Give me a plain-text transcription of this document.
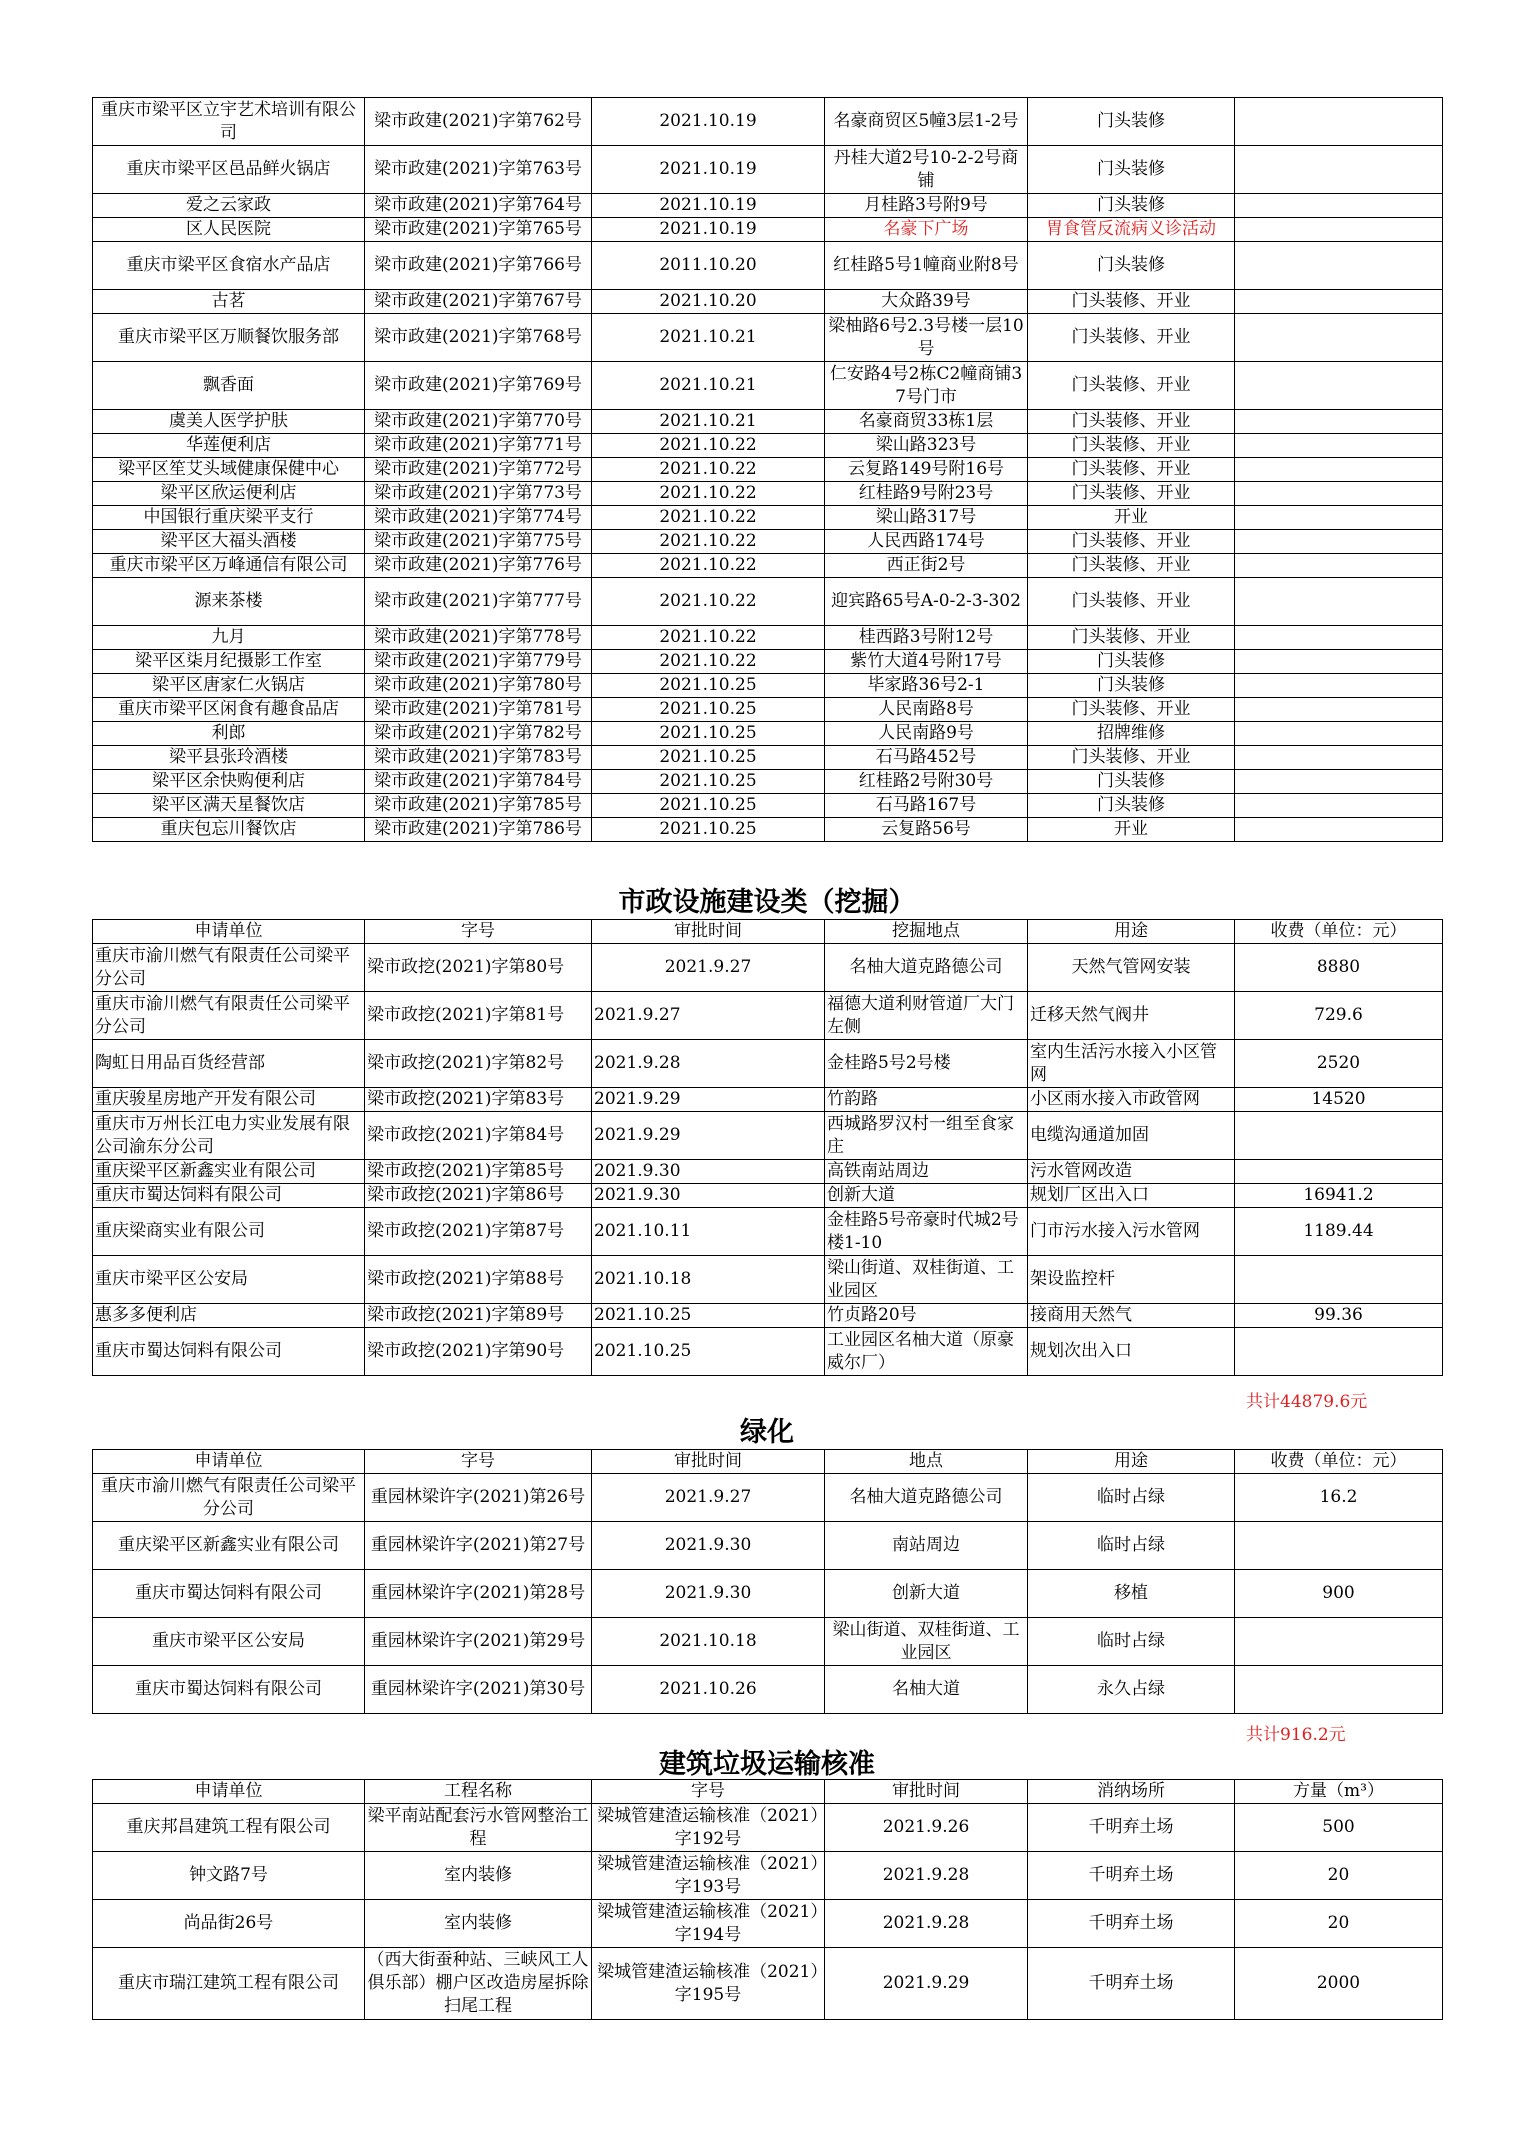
重庆市梁平区立宇艺术培训有限公司	梁市政建(2021)字第762号	2021.10.19	名豪商贸区5幢3层1-2号	门头装修	
重庆市梁平区邑品鲜火锅店	梁市政建(2021)字第763号	2021.10.19	丹桂大道2号10-2-2号商铺	门头装修	
爱之云家政	梁市政建(2021)字第764号	2021.10.19	月桂路3号附9号	门头装修	
区人民医院	梁市政建(2021)字第765号	2021.10.19	名豪下广场	胃食管反流病义诊活动	
重庆市梁平区食宿水产品店	梁市政建(2021)字第766号	2011.10.20	红桂路5号1幢商业附8号	门头装修	
古茗	梁市政建(2021)字第767号	2021.10.20	大众路39号	门头装修、开业	
重庆市梁平区万顺餐饮服务部	梁市政建(2021)字第768号	2021.10.21	梁柚路6号2.3号楼一层10号	门头装修、开业	
飘香面	梁市政建(2021)字第769号	2021.10.21	仁安路4号2栋C2幢商铺37号门市	门头装修、开业	
虞美人医学护肤	梁市政建(2021)字第770号	2021.10.21	名豪商贸33栋1层	门头装修、开业	
华莲便利店	梁市政建(2021)字第771号	2021.10.22	梁山路323号	门头装修、开业	
梁平区笙艾头域健康保健中心	梁市政建(2021)字第772号	2021.10.22	云复路149号附16号	门头装修、开业	
梁平区欣运便利店	梁市政建(2021)字第773号	2021.10.22	红桂路9号附23号	门头装修、开业	
中国银行重庆梁平支行	梁市政建(2021)字第774号	2021.10.22	梁山路317号	开业	
梁平区大福头酒楼	梁市政建(2021)字第775号	2021.10.22	人民西路174号	门头装修、开业	
重庆市梁平区万峰通信有限公司	梁市政建(2021)字第776号	2021.10.22	西正街2号	门头装修、开业	
源来茶楼	梁市政建(2021)字第777号	2021.10.22	迎宾路65号A-0-2-3-302	门头装修、开业	
九月	梁市政建(2021)字第778号	2021.10.22	桂西路3号附12号	门头装修、开业	
梁平区柒月纪摄影工作室	梁市政建(2021)字第779号	2021.10.22	紫竹大道4号附17号	门头装修	
梁平区唐家仁火锅店	梁市政建(2021)字第780号	2021.10.25	毕家路36号2-1	门头装修	
重庆市梁平区闲食有趣食品店	梁市政建(2021)字第781号	2021.10.25	人民南路8号	门头装修、开业	
利郎	梁市政建(2021)字第782号	2021.10.25	人民南路9号	招牌维修	
梁平县张玲酒楼	梁市政建(2021)字第783号	2021.10.25	石马路452号	门头装修、开业	
梁平区余快购便利店	梁市政建(2021)字第784号	2021.10.25	红桂路2号附30号	门头装修	
梁平区满天星餐饮店	梁市政建(2021)字第785号	2021.10.25	石马路167号	门头装修	
重庆包忘川餐饮店	梁市政建(2021)字第786号	2021.10.25	云复路56号	开业	
市政设施建设类（挖掘）
申请单位	字号	审批时间	挖掘地点	用途	收费（单位：元）
重庆市渝川燃气有限责任公司梁平分公司	梁市政挖(2021)字第80号	2021.9.27	名柚大道克路德公司	天然气管网安装	8880
重庆市渝川燃气有限责任公司梁平分公司	梁市政挖(2021)字第81号	2021.9.27	福德大道利财管道厂大门左侧	迁移天然气阀井	729.6
陶虹日用品百货经营部	梁市政挖(2021)字第82号	2021.9.28	金桂路5号2号楼	室内生活污水接入小区管网	2520
重庆骏星房地产开发有限公司	梁市政挖(2021)字第83号	2021.9.29	竹韵路	小区雨水接入市政管网	14520
重庆市万州长江电力实业发展有限公司渝东分公司	梁市政挖(2021)字第84号	2021.9.29	西城路罗汉村一组至食家庄	电缆沟通道加固	
重庆梁平区新鑫实业有限公司	梁市政挖(2021)字第85号	2021.9.30	高铁南站周边	污水管网改造	
重庆市蜀达饲料有限公司	梁市政挖(2021)字第86号	2021.9.30	创新大道	规划厂区出入口	16941.2
重庆梁商实业有限公司	梁市政挖(2021)字第87号	2021.10.11	金桂路5号帝豪时代城2号楼1-10	门市污水接入污水管网	1189.44
重庆市梁平区公安局	梁市政挖(2021)字第88号	2021.10.18	梁山街道、双桂街道、工业园区	架设监控杆	
惠多多便利店	梁市政挖(2021)字第89号	2021.10.25	竹贞路20号	接商用天然气	99.36
重庆市蜀达饲料有限公司	梁市政挖(2021)字第90号	2021.10.25	工业园区名柚大道（原豪威尔厂）	规划次出入口	
共计44879.6元
绿化
申请单位	字号	审批时间	地点	用途	收费（单位：元）
重庆市渝川燃气有限责任公司梁平分公司	重园林梁许字(2021)第26号	2021.9.27	名柚大道克路德公司	临时占绿	16.2
重庆梁平区新鑫实业有限公司	重园林梁许字(2021)第27号	2021.9.30	南站周边	临时占绿	
重庆市蜀达饲料有限公司	重园林梁许字(2021)第28号	2021.9.30	创新大道	移植	900
重庆市梁平区公安局	重园林梁许字(2021)第29号	2021.10.18	梁山街道、双桂街道、工业园区	临时占绿	
重庆市蜀达饲料有限公司	重园林梁许字(2021)第30号	2021.10.26	名柚大道	永久占绿	
共计916.2元
建筑垃圾运输核准
申请单位	工程名称	字号	审批时间	消纳场所	方量（m³）
重庆邦昌建筑工程有限公司	梁平南站配套污水管网整治工程	梁城管建渣运输核准（2021）字192号	2021.9.26	千明弃土场	500
钟文路7号	室内装修	梁城管建渣运输核准（2021）字193号	2021.9.28	千明弃土场	20
尚品街26号	室内装修	梁城管建渣运输核准（2021）字194号	2021.9.28	千明弃土场	20
重庆市瑞江建筑工程有限公司	（西大街蚕种站、三峡风工人俱乐部）棚户区改造房屋拆除扫尾工程	梁城管建渣运输核准（2021）字195号	2021.9.29	千明弃土场	2000
